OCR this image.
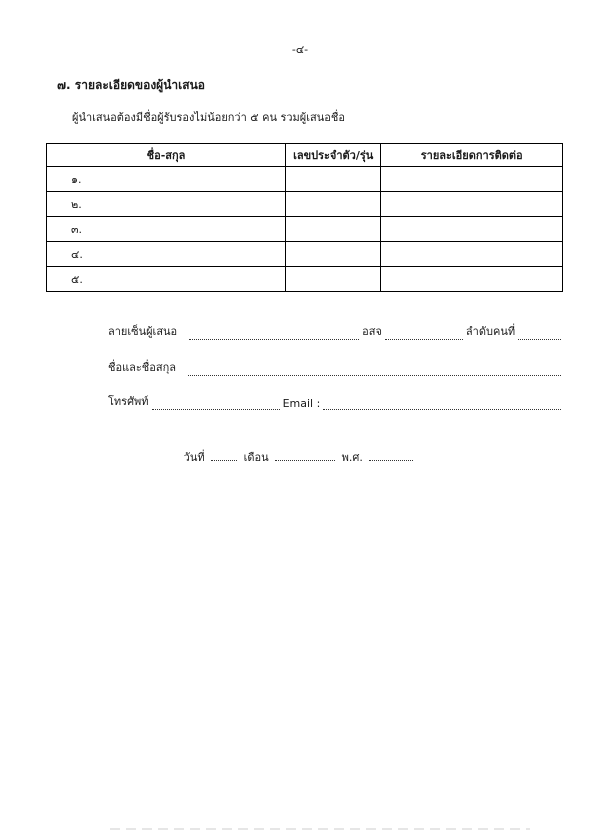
-๔-
๗. รายละเอียดของผู้นำเสนอ
ผู้นำเสนอต้องมีชื่อผู้รับรองไม่น้อยกว่า ๕ คน รวมผู้เสนอชื่อ
ชื่อ-สกุล	เลขประจำตัว/รุ่น	รายละเอียดการติดต่อ
๑.		
๒.		
๓.		
๔.		
๕.		
ลายเซ็นผู้เสนอ	อสจ	ลำดับคนที่
ชื่อและชื่อสกุล
โทรศัพท์	Email :
วันที่	เดือน	พ.ศ.
